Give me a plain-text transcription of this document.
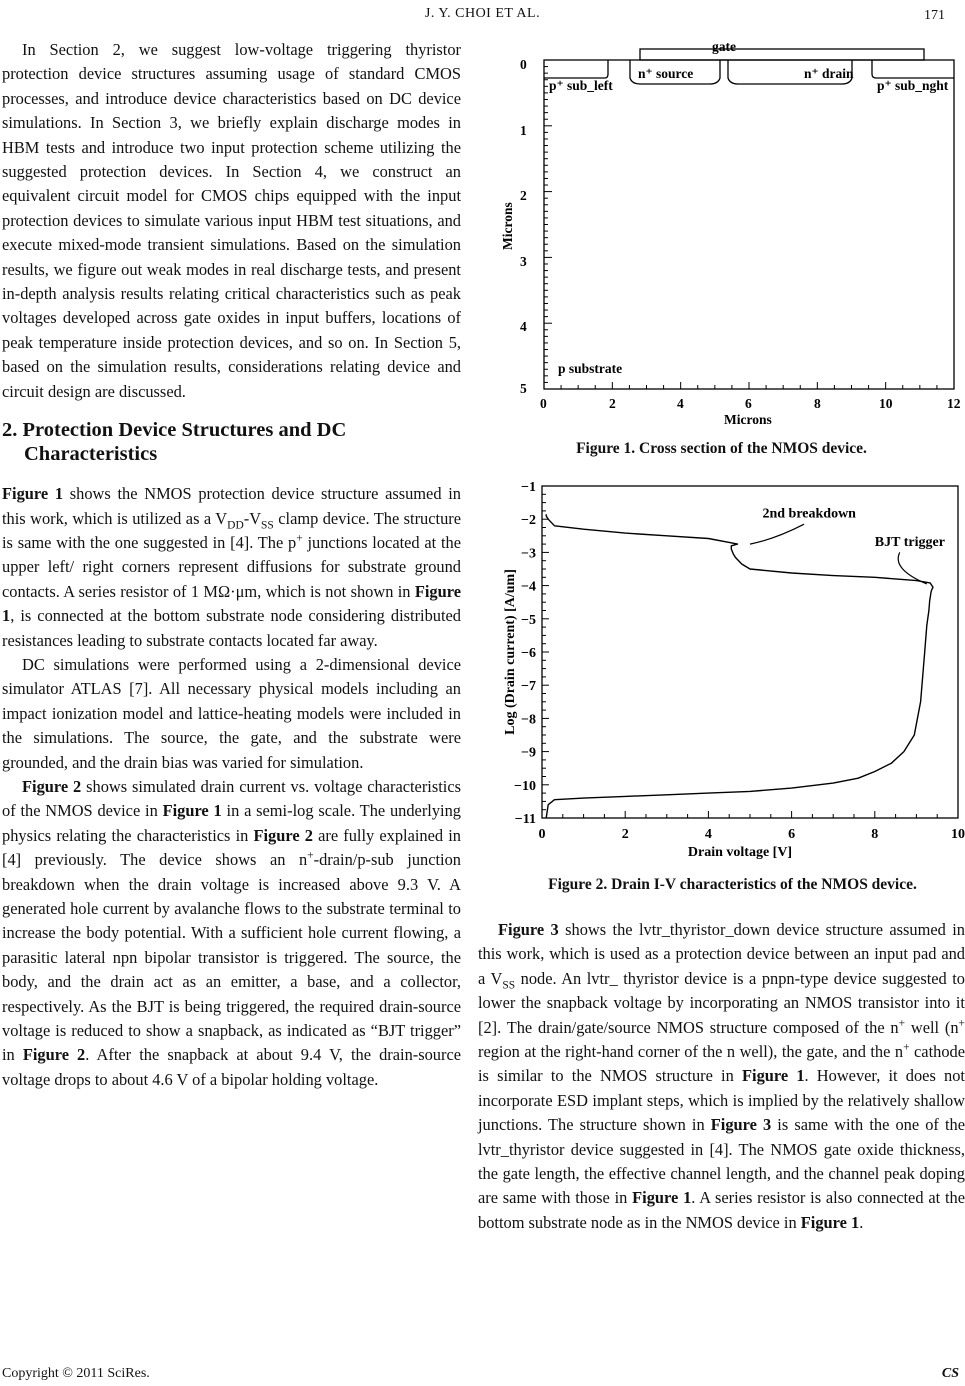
J. Y. CHOI ET AL.	171

In Section 2, we suggest low-voltage triggering thyristor protection device structures assuming usage of standard CMOS processes, and introduce device characteristics based on DC device simulations. In Section 3, we briefly explain discharge modes in HBM tests and introduce two input protection scheme utilizing the suggested protection devices. In Section 4, we construct an equivalent circuit model for CMOS chips equipped with the input protection devices to simulate various input HBM test situations, and execute mixed-mode transient simulations. Based on the simulation results, we figure out weak modes in real discharge tests, and present in-depth analysis results relating critical characteristics such as peak voltages developed across gate oxides in input buffers, locations of peak temperature inside protection devices, and so on. In Section 5, based on the simulation results, considerations relating device and circuit design are discussed.

2. Protection Device Structures and DC
Characteristics

Figure 1 shows the NMOS protection device structure assumed in this work, which is utilized as a $V_{DD}-V_{SS}$ clamp device. The structure is same with the one suggested in [4]. The p+ junctions located at the upper left/ right corners represent diffusions for substrate ground contacts. A series resistor of 1 MΩ·μm, which is not shown in Figure 1, is connected at the bottom substrate node considering distributed resistances leading to substrate contacts located far away.

DC simulations were performed using a 2-dimensional device simulator ATLAS [7]. All necessary physical models including an impact ionization model and lattice-heating models were included in the simulations. The source, the gate, and the substrate were grounded, and the drain bias was varied for simulation.

Figure 2 shows simulated drain current vs. voltage characteristics of the NMOS device in Figure 1 in a semi-log scale. The underlying physics relating the characteristics in Figure 2 are fully explained in [4] previously. The device shows an n+-drain/p-sub junction breakdown when the drain voltage is increased above 9.3 V. A generated hole current by avalanche flows to the substrate terminal to increase the body potential. With a sufficient hole current flowing, a parasitic lateral npn bipolar transistor is triggered. The source, the body, and the drain act as an emitter, a base, and a collector, respectively. As the BJT is being triggered, the required drain-source voltage is reduced to show a snapback, as indicated as “BJT trigger” in Figure 2. After the snapback at about 9.4 V, the drain-source voltage drops to about 4.6 V of a bipolar holding voltage.

gate
p⁺ sub_left
n⁺ source	n⁺ drain
p⁺ sub_nght
p substrate
0
1
2
3
4
5
0	2	4	6	8	10	12
Microns
Microns
Figure 1. Cross section of the NMOS device.
−1
−2
−3
−4
−5
−6
−7
−8
−9
−10
−11
0	2	4	6	8	10
Drain voltage [V]
Log (Drain current) [A/um]
2nd breakdown
BJT trigger
Figure 2. Drain I-V characteristics of the NMOS device.

Figure 3 shows the lvtr_thyristor_down device structure assumed in this work, which is used as a protection device between an input pad and a $V_{SS}$ node. An lvtr_ thyristor device is a pnpn-type device suggested to lower the snapback voltage by incorporating an NMOS transistor into it [2]. The drain/gate/source NMOS structure composed of the n+ well (n+ region at the right-hand corner of the n well), the gate, and the n+ cathode is similar to the NMOS structure in Figure 1. However, it does not incorporate ESD implant steps, which is implied by the relatively shallow junctions. The structure shown in Figure 3 is same with the one of the lvtr_thyristor device suggested in [4]. The NMOS gate oxide thickness, the gate length, the effective channel length, and the channel peak doping are same with those in Figure 1. A series resistor is also connected at the bottom substrate node as in the NMOS device in Figure 1.

Copyright © 2011 SciRes.	CS
